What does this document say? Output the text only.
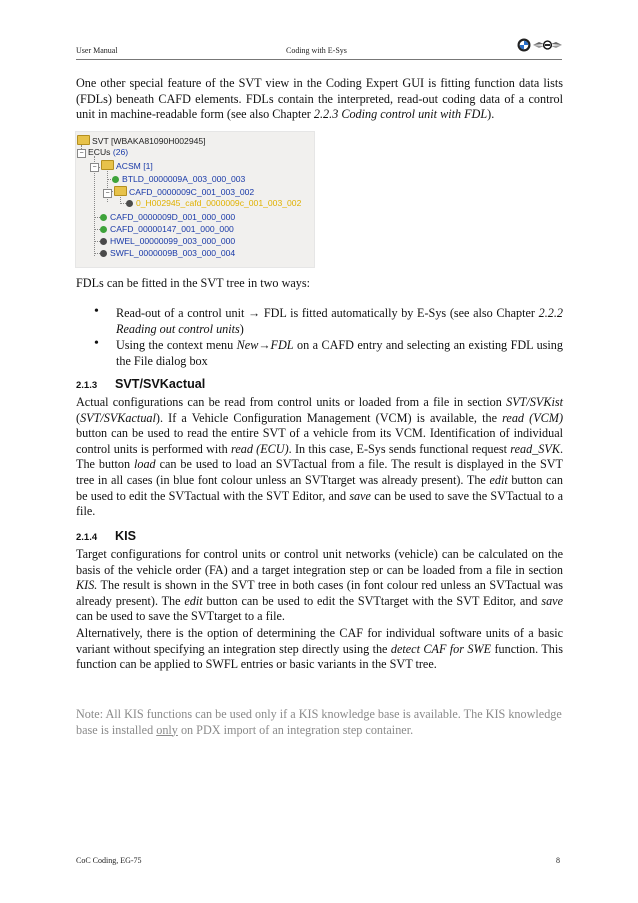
User Manual	Coding with E-Sys

One other special feature of the SVT view in the Coding Expert GUI is fitting function data lists (FDLs) beneath CAFD elements. FDLs contain the interpreted, read-out coding data of a control unit in machine-readable form (see also Chapter 2.2.3 Coding control unit with FDL).

SVT [WBAKA81090H002945]
− ECUs (26)
− ACSM [1]
BTLD_0000009A_003_000_003
− CAFD_0000009C_001_003_002
0_H002945_cafd_0000009c_001_003_002
CAFD_0000009D_001_000_000
CAFD_00000147_001_000_000
HWEL_00000099_003_000_000
SWFL_0000009B_003_000_004

FDLs can be fitted in the SVT tree in two ways:

• Read-out of a control unit → FDL is fitted automatically by E-Sys (see also Chapter 2.2.2 Reading out control units)
• Using the context menu New→FDL on a CAFD entry and selecting an existing FDL using the File dialog box
2.1.3 SVT/SVKactual

Actual configurations can be read from control units or loaded from a file in section SVT/SVKist (SVT/SVKactual). If a Vehicle Configuration Management (VCM) is available, the read (VCM) button can be used to read the entire SVT of a vehicle from its VCM. Identification of individual control units is performed with read (ECU). In this case, E-Sys sends functional request read_SVK. The button load can be used to load an SVTactual from a file. The result is displayed in the SVT tree in all cases (in blue font colour unless an SVTtarget was already present). The edit button can be used to edit the SVTactual with the SVT Editor, and save can be used to save the SVTactual to a file.

2.1.4 KIS

Target configurations for control units or control unit networks (vehicle) can be calculated on the basis of the vehicle order (FA) and a target integration step or can be loaded from a file in section KIS. The result is shown in the SVT tree in both cases (in font colour red unless an SVTactual was already present). The edit button can be used to edit the SVTtarget with the SVT Editor, and save can be used to save the SVTtarget to a file.

Alternatively, there is the option of determining the CAF for individual software units of a basic variant without specifying an integration step directly using the detect CAF for SWE function. This function can be applied to SWFL entries or basic variants in the SVT tree.

Note: All KIS functions can be used only if a KIS knowledge base is available. The KIS knowledge base is installed only on PDX import of an integration step container.

CoC Coding, EG-75	8
